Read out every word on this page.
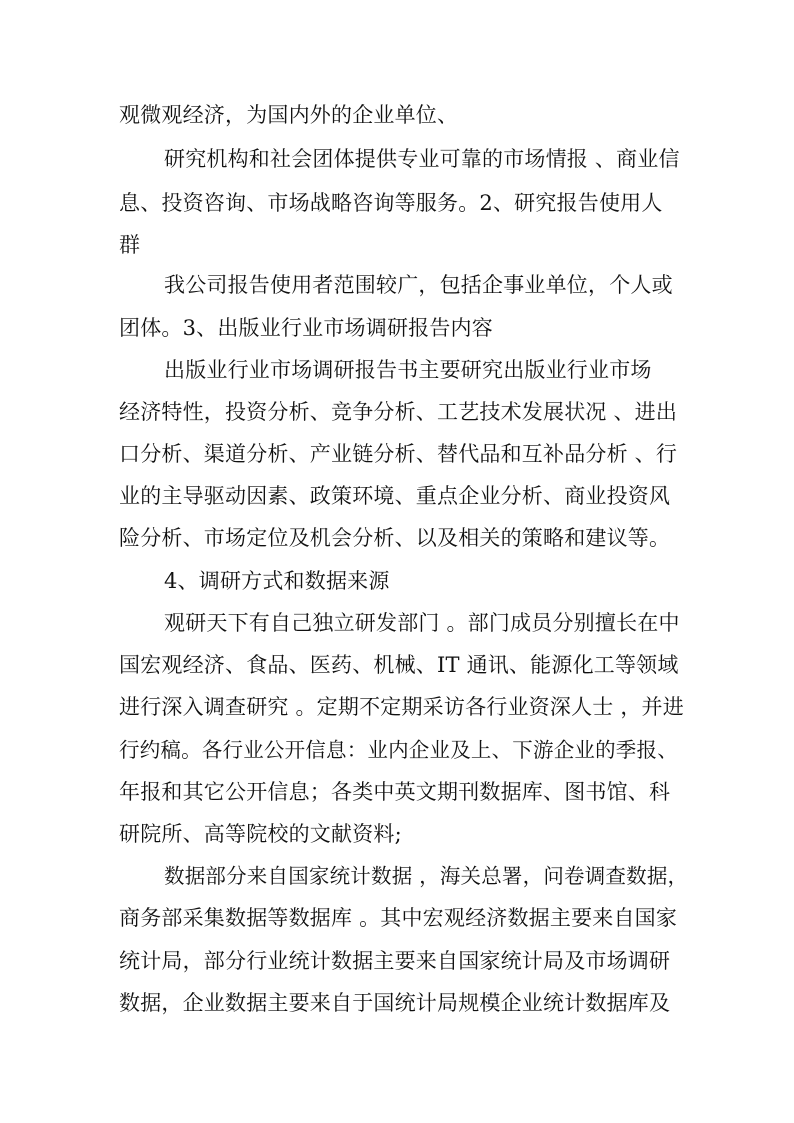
观微观经济，为国内外的企业单位、
研究机构和社会团体提供专业可靠的市场情报 、商业信
息、投资咨询、市场战略咨询等服务。2、研究报告使用人
群
我公司报告使用者范围较广，包括企事业单位，个人或
团体。3、出版业行业市场调研报告内容
出版业行业市场调研报告书主要研究出版业行业市场
经济特性，投资分析、竞争分析、工艺技术发展状况 、进出
口分析、渠道分析、产业链分析、替代品和互补品分析 、行
业的主导驱动因素、政策环境、重点企业分析、商业投资风
险分析、市场定位及机会分析、以及相关的策略和建议等。
4、调研方式和数据来源
观研天下有自己独立研发部门 。部门成员分别擅长在中
国宏观经济、食品、医药、机械、IT 通讯、能源化工等领域
进行深入调查研究 。定期不定期采访各行业资深人士 ，并进
行约稿。各行业公开信息：业内企业及上、下游企业的季报、
年报和其它公开信息；各类中英文期刊数据库、图书馆、科
研院所、高等院校的文献资料;
数据部分来自国家统计数据 ，海关总署，问卷调查数据，
商务部采集数据等数据库 。其中宏观经济数据主要来自国家
统计局，部分行业统计数据主要来自国家统计局及市场调研
数据，企业数据主要来自于国统计局规模企业统计数据库及
